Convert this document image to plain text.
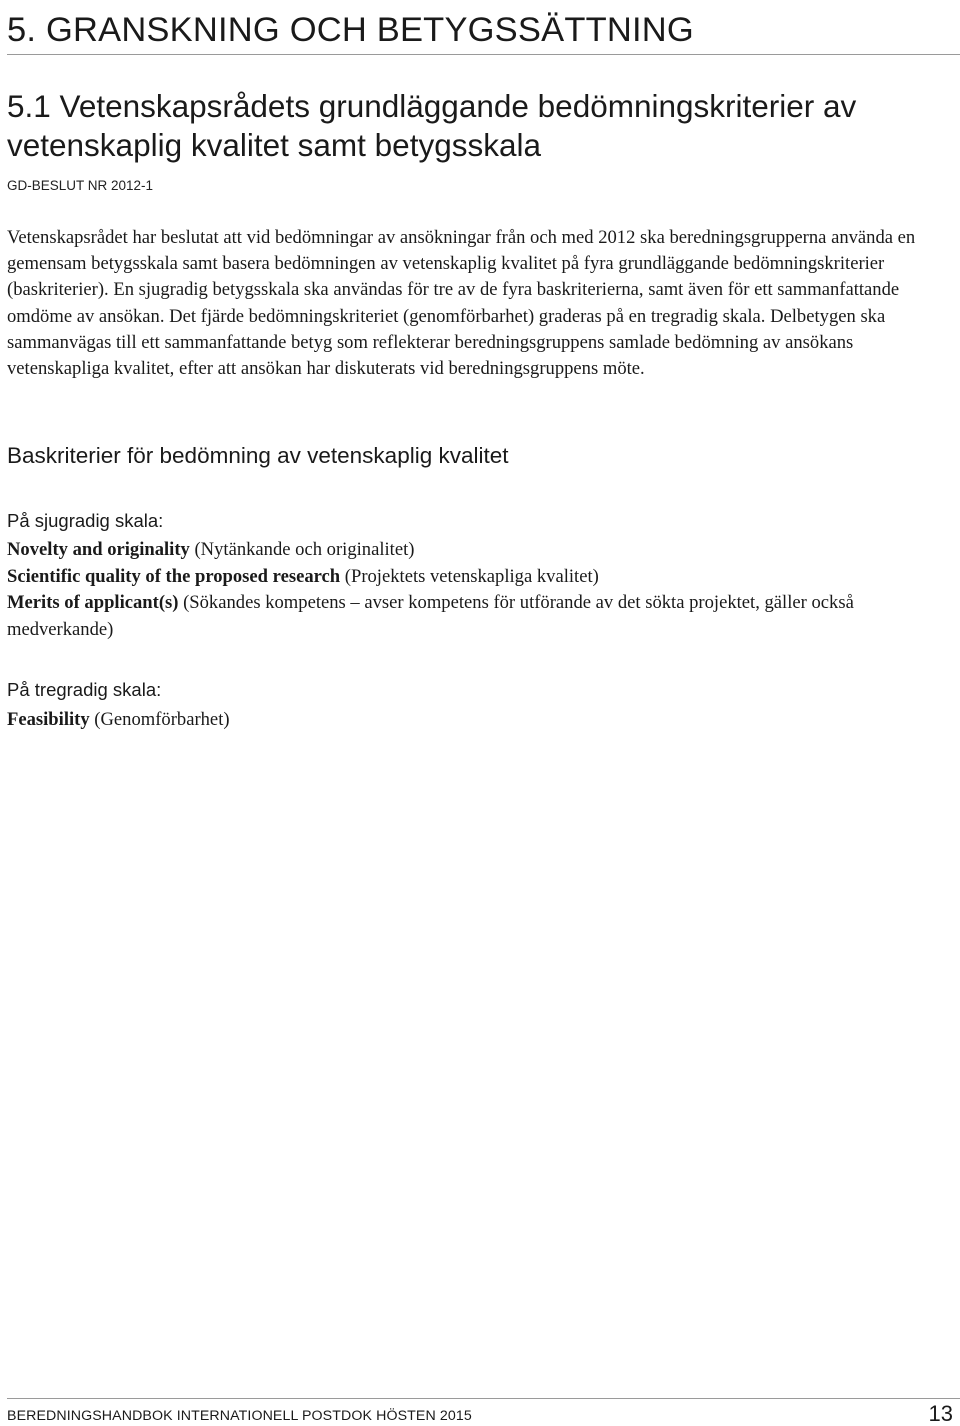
5. GRANSKNING OCH BETYGSSÄTTNING
5.1 Vetenskapsrådets grundläggande bedömningskriterier av vetenskaplig kvalitet samt betygsskala
GD-BESLUT NR 2012-1

Vetenskapsrådet har beslutat att vid bedömningar av ansökningar från och med 2012 ska beredningsgrupperna använda en gemensam betygsskala samt basera bedömningen av vetenskaplig kvalitet på fyra grundläggande bedömningskriterier (baskriterier). En sjugradig betygsskala ska användas för tre av de fyra baskriterierna, samt även för ett sammanfattande omdöme av ansökan. Det fjärde bedömningskriteriet (genomförbarhet) graderas på en tregradig skala. Delbetygen ska sammanvägas till ett sammanfattande betyg som reflekterar beredningsgruppens samlade bedömning av ansökans vetenskapliga kvalitet, efter att ansökan har diskuterats vid beredningsgruppens möte.

Baskriterier för bedömning av vetenskaplig kvalitet
På sjugradig skala:
Novelty and originality (Nytänkande och originalitet)
Scientific quality of the proposed research (Projektets vetenskapliga kvalitet)
Merits of applicant(s) (Sökandes kompetens – avser kompetens för utförande av det sökta projektet, gäller också medverkande)
På tregradig skala:
Feasibility (Genomförbarhet)
BEREDNINGSHANDBOK INTERNATIONELL POSTDOK HÖSTEN 2015	13
